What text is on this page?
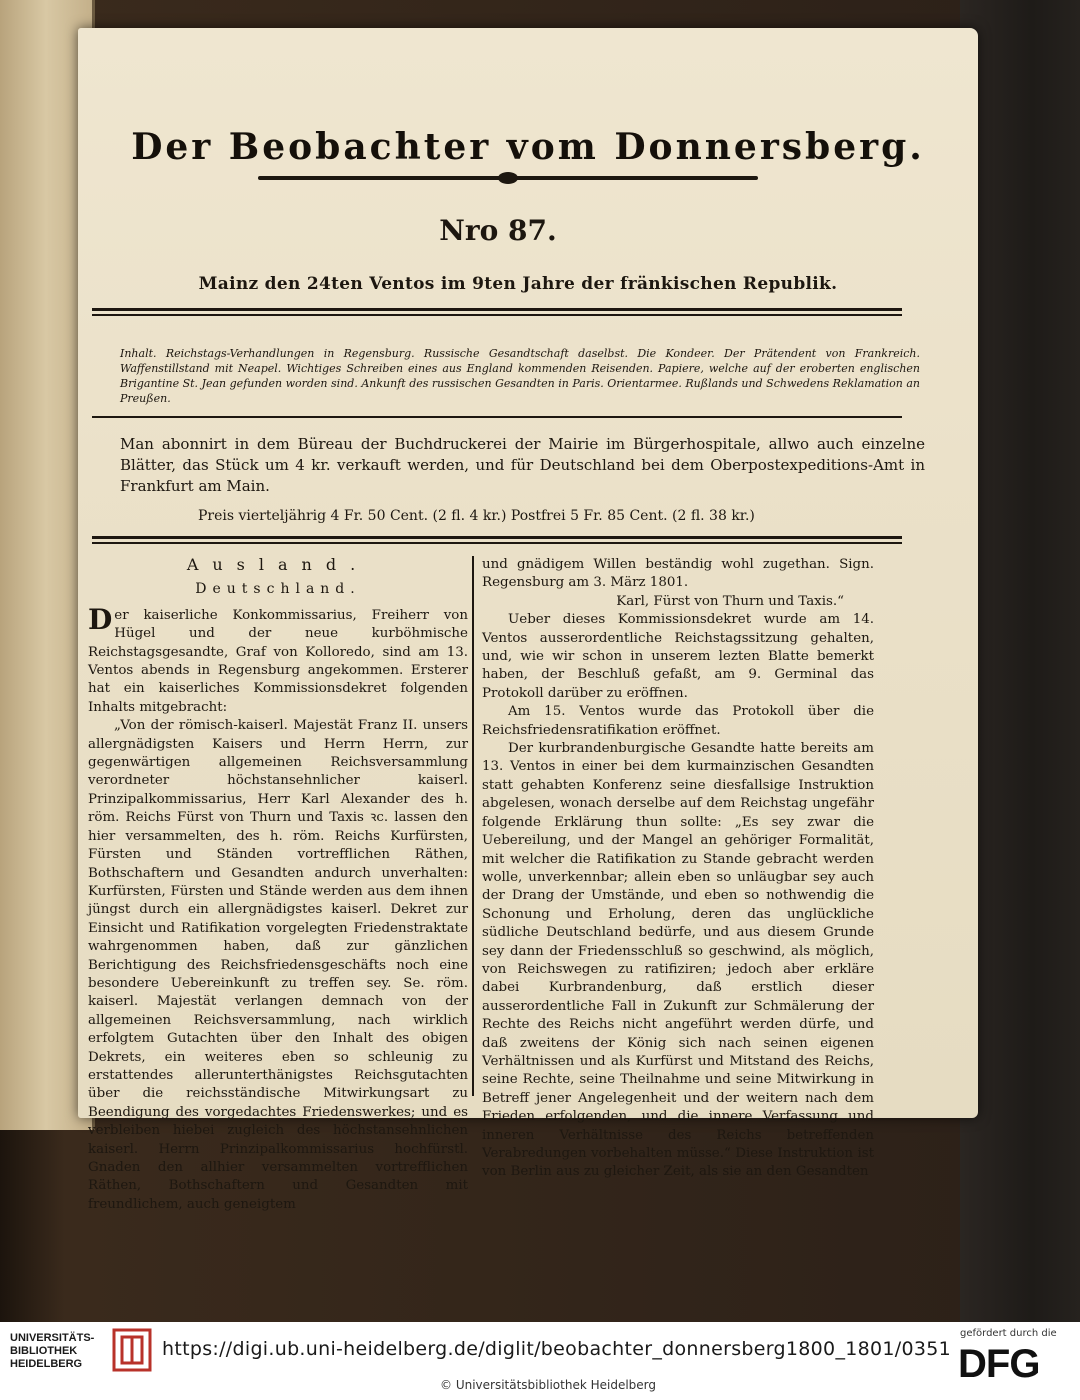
Der Beobachter vom Donnersberg.
Nro 87.
Mainz den 24ten Ventos im 9ten Jahre der fränkischen Republik.
Inhalt. Reichstags-Verhandlungen in Regensburg. Russische Gesandtschaft daselbst. Die Kondeer. Der Prätendent von Frankreich. Waffenstillstand mit Neapel. Wichtiges Schreiben eines aus England kommenden Reisenden. Papiere, welche auf der eroberten englischen Brigantine St. Jean gefunden worden sind. Ankunft des russischen Gesandten in Paris. Orientarmee. Rußlands und Schwedens Reklamation an Preußen.
Man abonnirt in dem Büreau der Buchdruckerei der Mairie im Bürgerhospitale, allwo auch einzelne Blätter, das Stück um 4 kr. verkauft werden, und für Deutschland bei dem Oberpostexpeditions-Amt in Frankfurt am Main.
Preis vierteljährig 4 Fr. 50 Cent. (2 fl. 4 kr.) Postfrei 5 Fr. 85 Cent. (2 fl. 38 kr.)

Ausland.

Deutschland.

Der kaiserliche Konkommissarius, Freiherr von Hügel und der neue kurböhmische Reichstagsgesandte, Graf von Kolloredo, sind am 13. Ventos abends in Regensburg angekommen. Ersterer hat ein kaiserliches Kommissionsdekret folgenden Inhalts mitgebracht:

„Von der römisch-kaiserl. Majestät Franz II. unsers allergnädigsten Kaisers und Herrn Herrn, zur gegenwärtigen allgemeinen Reichsversammlung verordneter höchstansehnlicher kaiserl. Prinzipalkommissarius, Herr Karl Alexander des h. röm. Reichs Fürst von Thurn und Taxis ꝛc. lassen den hier versammelten, des h. röm. Reichs Kurfürsten, Fürsten und Ständen vortrefflichen Räthen, Bothschaftern und Gesandten andurch unverhalten: Kurfürsten, Fürsten und Stände werden aus dem ihnen jüngst durch ein allergnädigstes kaiserl. Dekret zur Einsicht und Ratifikation vorgelegten Friedenstraktate wahrgenommen haben, daß zur gänzlichen Berichtigung des Reichsfriedensgeschäfts noch eine besondere Uebereinkunft zu treffen sey. Se. röm. kaiserl. Majestät verlangen demnach von der allgemeinen Reichsversammlung, nach wirklich erfolgtem Gutachten über den Inhalt des obigen Dekrets, ein weiteres eben so schleunig zu erstattendes allerunterthänigstes Reichsgutachten über die reichsständische Mitwirkungsart zu Beendigung des vorgedachtes Friedenswerkes; und es verbleiben hiebei zugleich des höchstansehnlichen kaiserl. Herrn Prinzipalkommissarius hochfürstl. Gnaden den allhier versammelten vortrefflichen Räthen, Bothschaftern und Gesandten mit freundlichem, auch geneigtem

und gnädigem Willen beständig wohl zugethan. Sign. Regensburg am 3. März 1801.

Karl, Fürst von Thurn und Taxis.“

Ueber dieses Kommissionsdekret wurde am 14. Ventos ausserordentliche Reichstagssitzung gehalten, und, wie wir schon in unserem lezten Blatte bemerkt haben, der Beschluß gefaßt, am 9. Germinal das Protokoll darüber zu eröffnen.

Am 15. Ventos wurde das Protokoll über die Reichsfriedensratifikation eröffnet.

Der kurbrandenburgische Gesandte hatte bereits am 13. Ventos in einer bei dem kurmainzischen Gesandten statt gehabten Konferenz seine diesfallsige Instruktion abgelesen, wonach derselbe auf dem Reichstag ungefähr folgende Erklärung thun sollte: „Es sey zwar die Uebereilung, und der Mangel an gehöriger Formalität, mit welcher die Ratifikation zu Stande gebracht werden wolle, unverkennbar; allein eben so unläugbar sey auch der Drang der Umstände, und eben so nothwendig die Schonung und Erholung, deren das unglückliche südliche Deutschland bedürfe, und aus diesem Grunde sey dann der Friedensschluß so geschwind, als möglich, von Reichswegen zu ratifiziren; jedoch aber erkläre dabei Kurbrandenburg, daß erstlich dieser ausserordentliche Fall in Zukunft zur Schmälerung der Rechte des Reichs nicht angeführt werden dürfe, und daß zweitens der König sich nach seinen eigenen Verhältnissen und als Kurfürst und Mitstand des Reichs, seine Rechte, seine Theilnahme und seine Mitwirkung in Betreff jener Angelegenheit und der weitern nach dem Frieden erfolgenden, und die innere Verfassung und inneren Verhältnisse des Reichs betreffenden Verabredungen vorbehalten müsse.“ Diese Instruktion ist von Berlin aus zu gleicher Zeit, als sie an den Gesandten

UNIVERSITÄTS-
BIBLIOTHEK
HEIDELBERG
https://digi.ub.uni-heidelberg.de/diglit/beobachter_donnersberg1800_1801/0351
© Universitätsbibliothek Heidelberg
gefördert durch die
DFG
